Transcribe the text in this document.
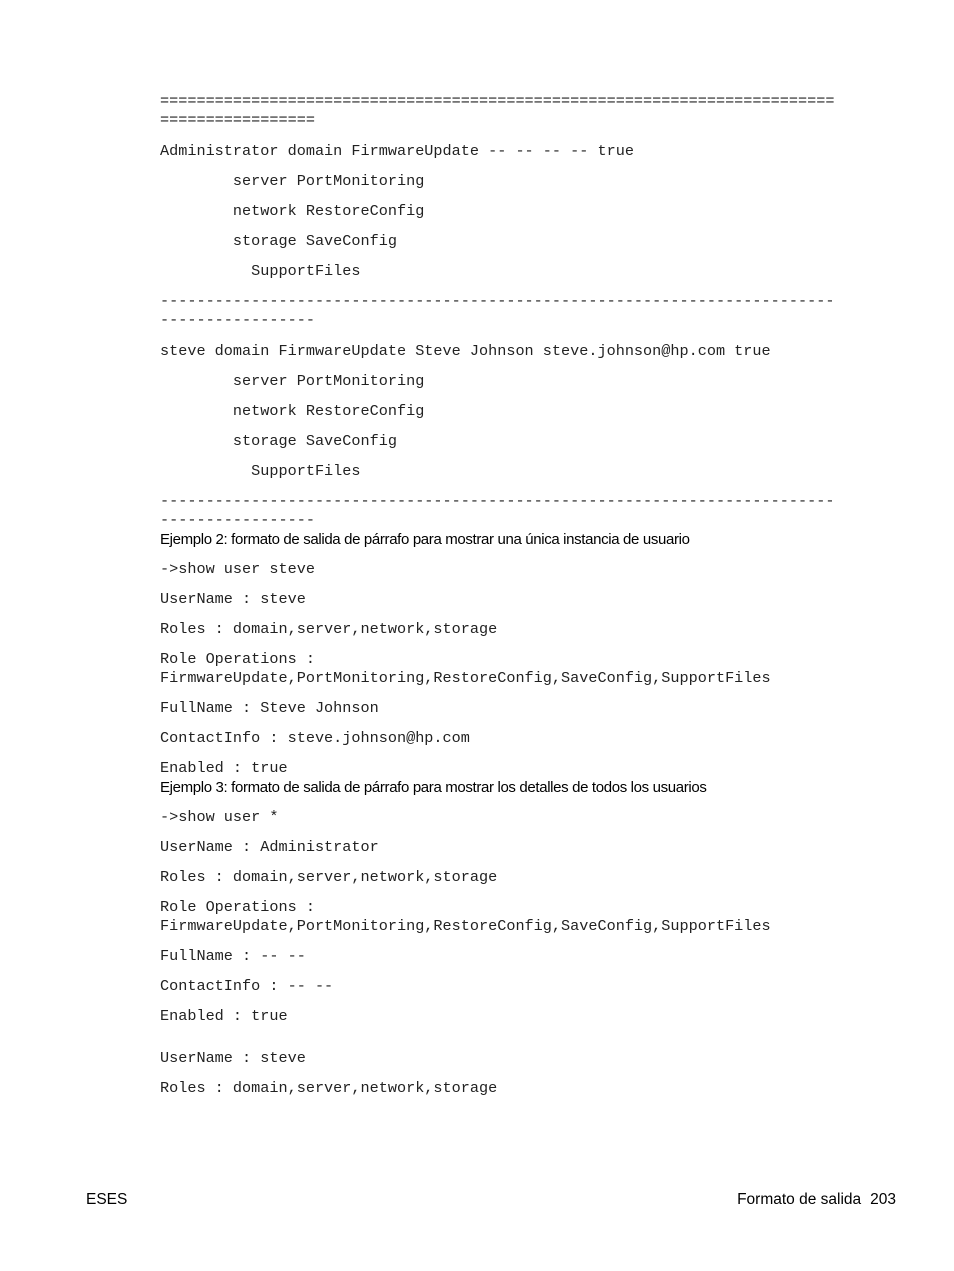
==========================================================================
=================
Administrator domain FirmwareUpdate -- -- -- -- true
server PortMonitoring
network RestoreConfig
storage SaveConfig
SupportFiles
--------------------------------------------------------------------------
-----------------
steve domain FirmwareUpdate Steve Johnson steve.johnson@hp.com true
server PortMonitoring
network RestoreConfig
storage SaveConfig
SupportFiles
--------------------------------------------------------------------------
-----------------
Ejemplo 2: formato de salida de párrafo para mostrar una única instancia de usuario
->show user steve
UserName : steve
Roles : domain,server,network,storage
Role Operations :
FirmwareUpdate,PortMonitoring,RestoreConfig,SaveConfig,SupportFiles
FullName : Steve Johnson
ContactInfo : steve.johnson@hp.com
Enabled : true
Ejemplo 3: formato de salida de párrafo para mostrar los detalles de todos los usuarios
->show user *
UserName : Administrator
Roles : domain,server,network,storage
Role Operations :
FirmwareUpdate,PortMonitoring,RestoreConfig,SaveConfig,SupportFiles
FullName : -- --
ContactInfo : -- --
Enabled : true
UserName : steve
Roles : domain,server,network,storage
ESES	Formato de salida 203
